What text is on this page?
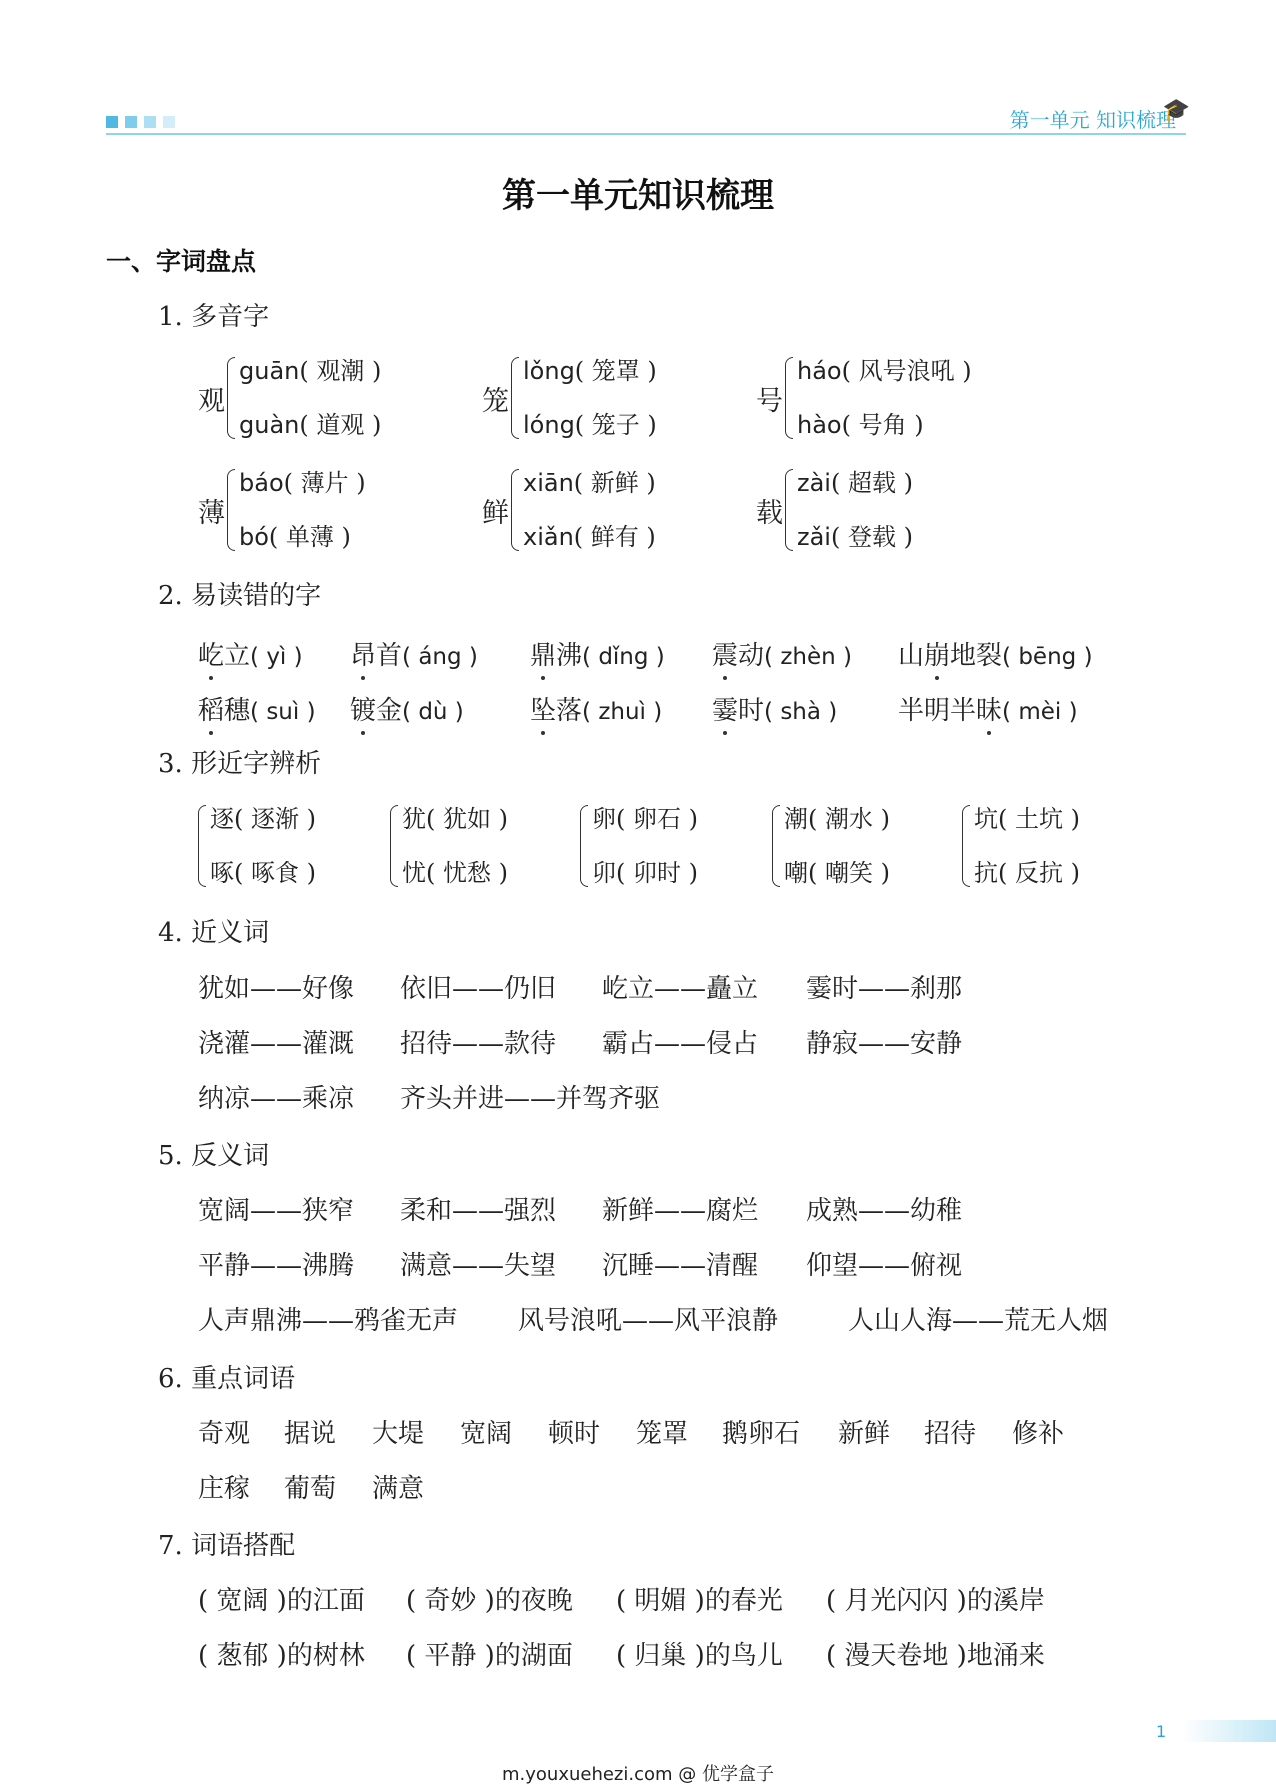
第一单元 知识梳理
🎓
第一单元知识梳理
一、字词盘点
1. 多音字
观
guān( 观潮 )
guàn( 道观 )
笼
lǒng( 笼罩 )
lóng( 笼子 )
号
háo( 风号浪吼 )
hào( 号角 )
薄
báo( 薄片 )
bó( 单薄 )
鲜
xiān( 新鲜 )
xiǎn( 鲜有 )
载
zài( 超载 )
zǎi( 登载 )
2. 易读错的字
屹立( yì ) 昂首( áng ) 鼎沸( dǐng ) 震动( zhèn ) 山崩地裂( bēng )
稻穗( suì ) 镀金( dù )	坠落( zhuì ) 霎时( shà ) 半明半昧( mèi )
3. 形近字辨析
逐( 逐渐 )
啄( 啄食 )
犹( 犹如 )
忧( 忧愁 )
卵( 卵石 )
卯( 卯时 )
潮( 潮水 )
嘲( 嘲笑 )
坑( 土坑 )
抗( 反抗 )
4. 近义词
犹如——好像 依旧——仍旧 屹立——矗立 霎时——刹那
浇灌——灌溉 招待——款待 霸占——侵占 静寂——安静
纳凉——乘凉 齐头并进——并驾齐驱
5. 反义词
宽阔——狭窄 柔和——强烈 新鲜——腐烂 成熟——幼稚
平静——沸腾 满意——失望 沉睡——清醒 仰望——俯视
人声鼎沸——鸦雀无声 风号浪吼——风平浪静	人山人海——荒无人烟
6. 重点词语
奇观 据说 大堤 宽阔 顿时 笼罩 鹅卵石 新鲜 招待 修补
庄稼 葡萄 满意
7. 词语搭配
( 宽阔 )的江面 ( 奇妙 )的夜晚 ( 明媚 )的春光 ( 月光闪闪 )的溪岸
( 葱郁 )的树林 ( 平静 )的湖面 ( 归巢 )的鸟儿 ( 漫天卷地 )地涌来
1
m.youxuehezi.com @ 优学盒子
